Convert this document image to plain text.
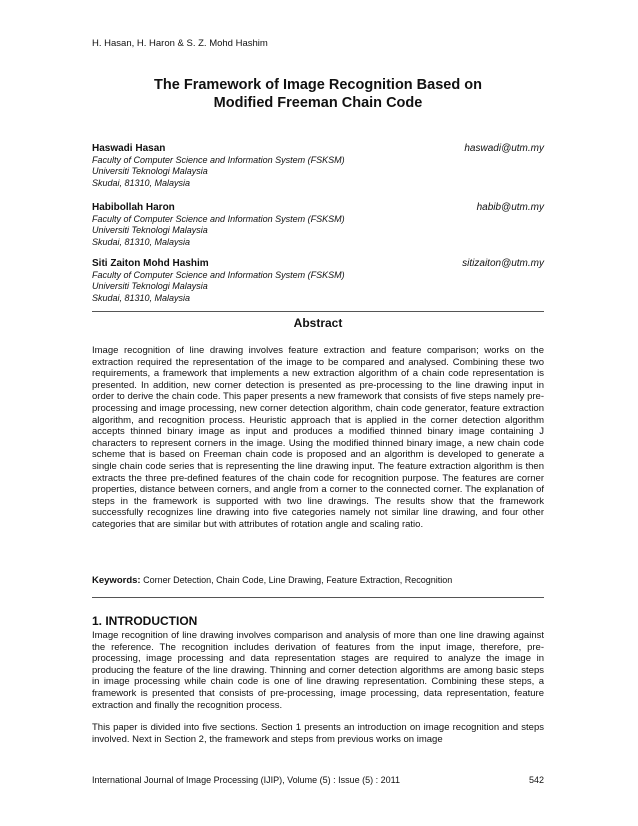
H. Hasan, H. Haron & S. Z. Mohd Hashim
The Framework of Image Recognition Based on
Modified Freeman Chain Code
Haswadi Hasan	haswadi@utm.my
Faculty of Computer Science and Information System (FSKSM)
Universiti Teknologi Malaysia
Skudai, 81310, Malaysia
Habibollah Haron	habib@utm.my
Faculty of Computer Science and Information System (FSKSM)
Universiti Teknologi Malaysia
Skudai, 81310, Malaysia
Siti Zaiton Mohd Hashim	sitizaiton@utm.my
Faculty of Computer Science and Information System (FSKSM)
Universiti Teknologi Malaysia
Skudai, 81310, Malaysia
Abstract
Image recognition of line drawing involves feature extraction and feature comparison; works on the extraction required the representation of the image to be compared and analysed. Combining these two requirements, a framework that implements a new extraction algorithm of a chain code representation is presented. In addition, new corner detection is presented as pre-processing to the line drawing input in order to derive the chain code. This paper presents a new framework that consists of five steps namely pre-processing and image processing, new corner detection algorithm, chain code generator, feature extraction algorithm, and recognition process. Heuristic approach that is applied in the corner detection algorithm accepts thinned binary image as input and produces a modified thinned binary image containing J characters to represent corners in the image. Using the modified thinned binary image, a new chain code scheme that is based on Freeman chain code is proposed and an algorithm is developed to generate a single chain code series that is representing the line drawing input. The feature extraction algorithm is then extracts the three pre-defined features of the chain code for recognition purpose. The features are corner properties, distance between corners, and angle from a corner to the connected corner. The explanation of steps in the framework is supported with two line drawings. The results show that the framework successfully recognizes line drawing into five categories namely not similar line drawing, and four other categories that are similar but with attributes of rotation angle and scaling ratio.
Keywords: Corner Detection, Chain Code, Line Drawing, Feature Extraction, Recognition
1. INTRODUCTION
Image recognition of line drawing involves comparison and analysis of more than one line drawing against the reference. The recognition includes derivation of features from the input image, therefore, pre-processing, image processing and data representation stages are required to analyze the image in producing the feature of the line drawing. Thinning and corner detection algorithms are among basic steps in image processing while chain code is one of line drawing representation. Combining these steps, a framework is presented that consists of pre-processing, image processing, data representation, feature extraction and finally the recognition process.
This paper is divided into five sections. Section 1 presents an introduction on image recognition and steps involved. Next in Section 2, the framework and steps from previous works on image
International Journal of Image Processing (IJIP), Volume (5) : Issue (5) : 2011	542
